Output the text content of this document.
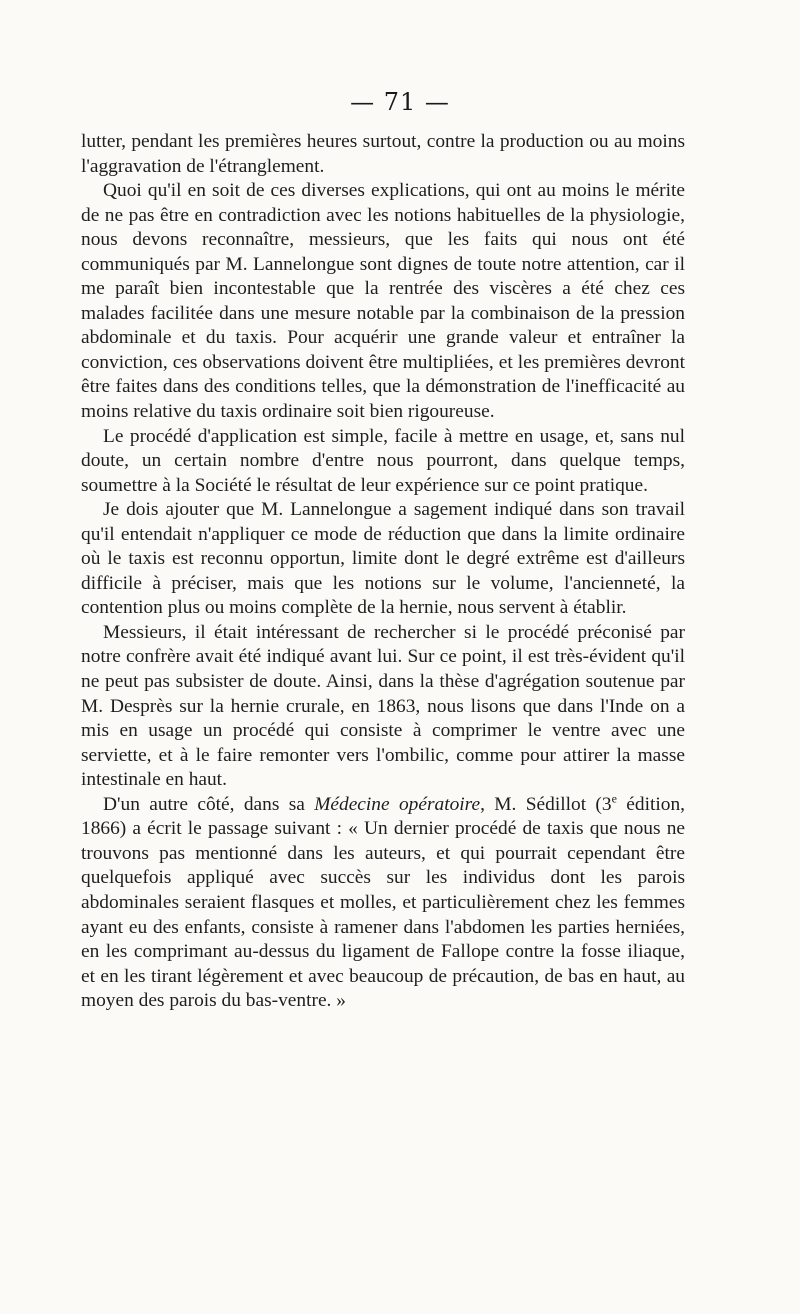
— 71 —

lutter, pendant les premières heures surtout, contre la production ou au moins l'aggravation de l'étranglement.

Quoi qu'il en soit de ces diverses explications, qui ont au moins le mérite de ne pas être en contradiction avec les notions habituelles de la physiologie, nous devons reconnaître, messieurs, que les faits qui nous ont été communiqués par M. Lannelongue sont dignes de toute notre attention, car il me paraît bien incontestable que la rentrée des viscères a été chez ces malades facilitée dans une mesure notable par la combinaison de la pression abdominale et du taxis. Pour acquérir une grande valeur et entraîner la conviction, ces observations doivent être multipliées, et les premières devront être faites dans des conditions telles, que la démonstration de l'inefficacité au moins relative du taxis ordinaire soit bien rigoureuse.

Le procédé d'application est simple, facile à mettre en usage, et, sans nul doute, un certain nombre d'entre nous pourront, dans quelque temps, soumettre à la Société le résultat de leur expérience sur ce point pratique.

Je dois ajouter que M. Lannelongue a sagement indiqué dans son travail qu'il entendait n'appliquer ce mode de réduction que dans la limite ordinaire où le taxis est reconnu opportun, limite dont le degré extrême est d'ailleurs difficile à préciser, mais que les notions sur le volume, l'ancienneté, la contention plus ou moins complète de la hernie, nous servent à établir.

Messieurs, il était intéressant de rechercher si le procédé préconisé par notre confrère avait été indiqué avant lui. Sur ce point, il est très-évident qu'il ne peut pas subsister de doute. Ainsi, dans la thèse d'agrégation soutenue par M. Desprès sur la hernie crurale, en 1863, nous lisons que dans l'Inde on a mis en usage un procédé qui consiste à comprimer le ventre avec une serviette, et à le faire remonter vers l'ombilic, comme pour attirer la masse intestinale en haut.

D'un autre côté, dans sa Médecine opératoire, M. Sédillot (3e édition, 1866) a écrit le passage suivant : « Un dernier procédé de taxis que nous ne trouvons pas mentionné dans les auteurs, et qui pourrait cependant être quelquefois appliqué avec succès sur les individus dont les parois abdominales seraient flasques et molles, et particulièrement chez les femmes ayant eu des enfants, consiste à ramener dans l'abdomen les parties herniées, en les comprimant au-dessus du ligament de Fallope contre la fosse iliaque, et en les tirant légèrement et avec beaucoup de précaution, de bas en haut, au moyen des parois du bas-ventre. »
